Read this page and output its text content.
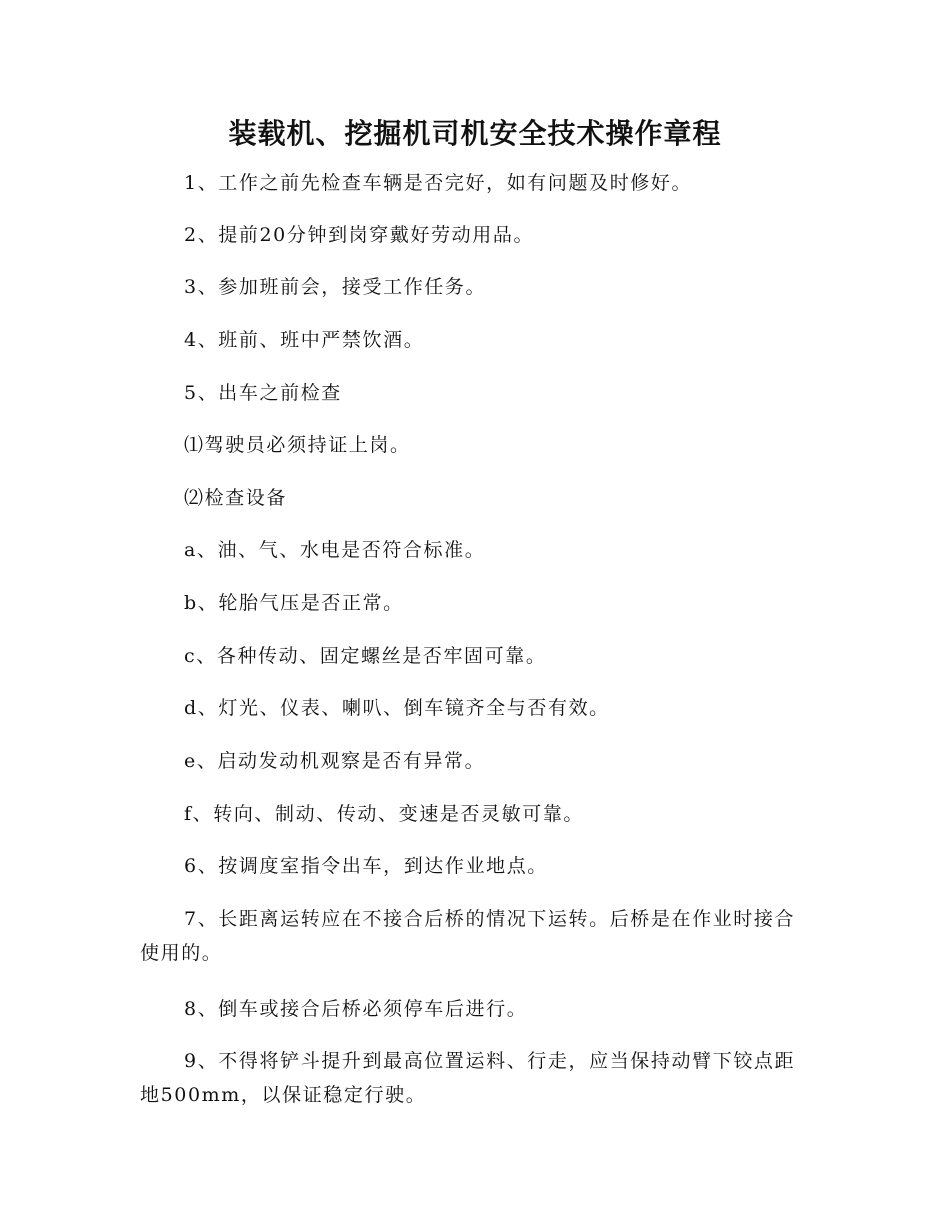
装载机、挖掘机司机安全技术操作章程

1、工作之前先检查车辆是否完好，如有问题及时修好。

2、提前20分钟到岗穿戴好劳动用品。

3、参加班前会，接受工作任务。

4、班前、班中严禁饮酒。

5、出车之前检查

⑴驾驶员必须持证上岗。

⑵检查设备

a、油、气、水电是否符合标准。

b、轮胎气压是否正常。

c、各种传动、固定螺丝是否牢固可靠。

d、灯光、仪表、喇叭、倒车镜齐全与否有效。

e、启动发动机观察是否有异常。

f、转向、制动、传动、变速是否灵敏可靠。

6、按调度室指令出车，到达作业地点。

7、长距离运转应在不接合后桥的情况下运转。后桥是在作业时接合使用的。

8、倒车或接合后桥必须停车后进行。

9、不得将铲斗提升到最高位置运料、行走，应当保持动臂下铰点距地500mm，以保证稳定行驶。
